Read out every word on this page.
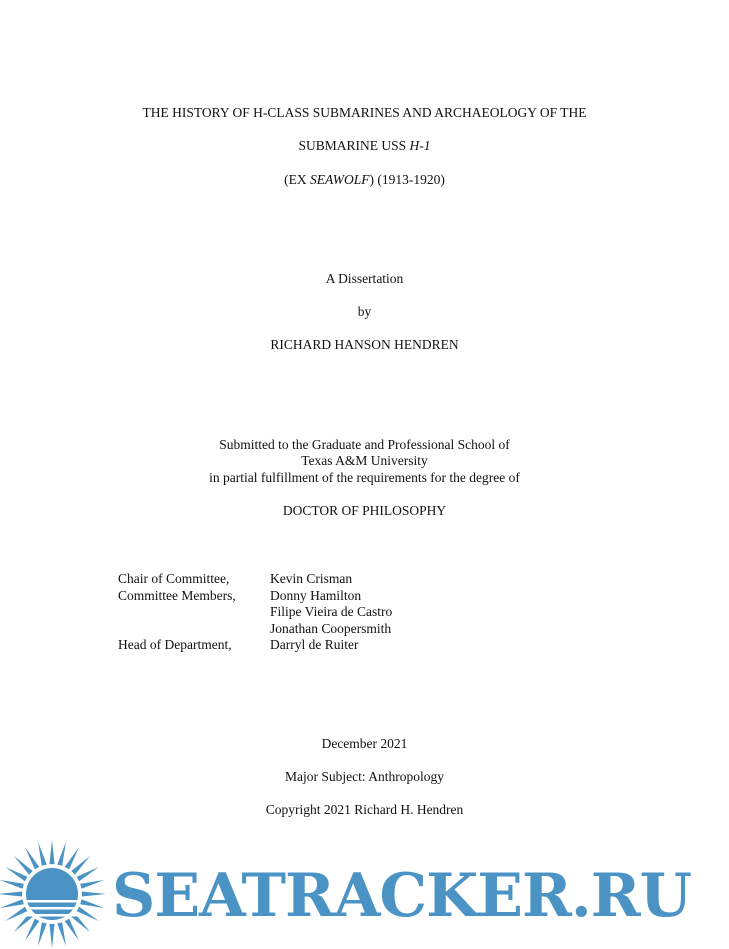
THE HISTORY OF H-CLASS SUBMARINES AND ARCHAEOLOGY OF THE
SUBMARINE USS H-1
(EX SEAWOLF) (1913-1920)
A Dissertation
by
RICHARD HANSON HENDREN
Submitted to the Graduate and Professional School of
Texas A&M University
in partial fulfillment of the requirements for the degree of
DOCTOR OF PHILOSOPHY
Chair of Committee,	Kevin Crisman
Committee Members,	Donny Hamilton
Filipe Vieira de Castro
Jonathan Coopersmith
Head of Department,	Darryl de Ruiter
December 2021
Major Subject: Anthropology
Copyright 2021 Richard H. Hendren
SEATRACKER.RU
